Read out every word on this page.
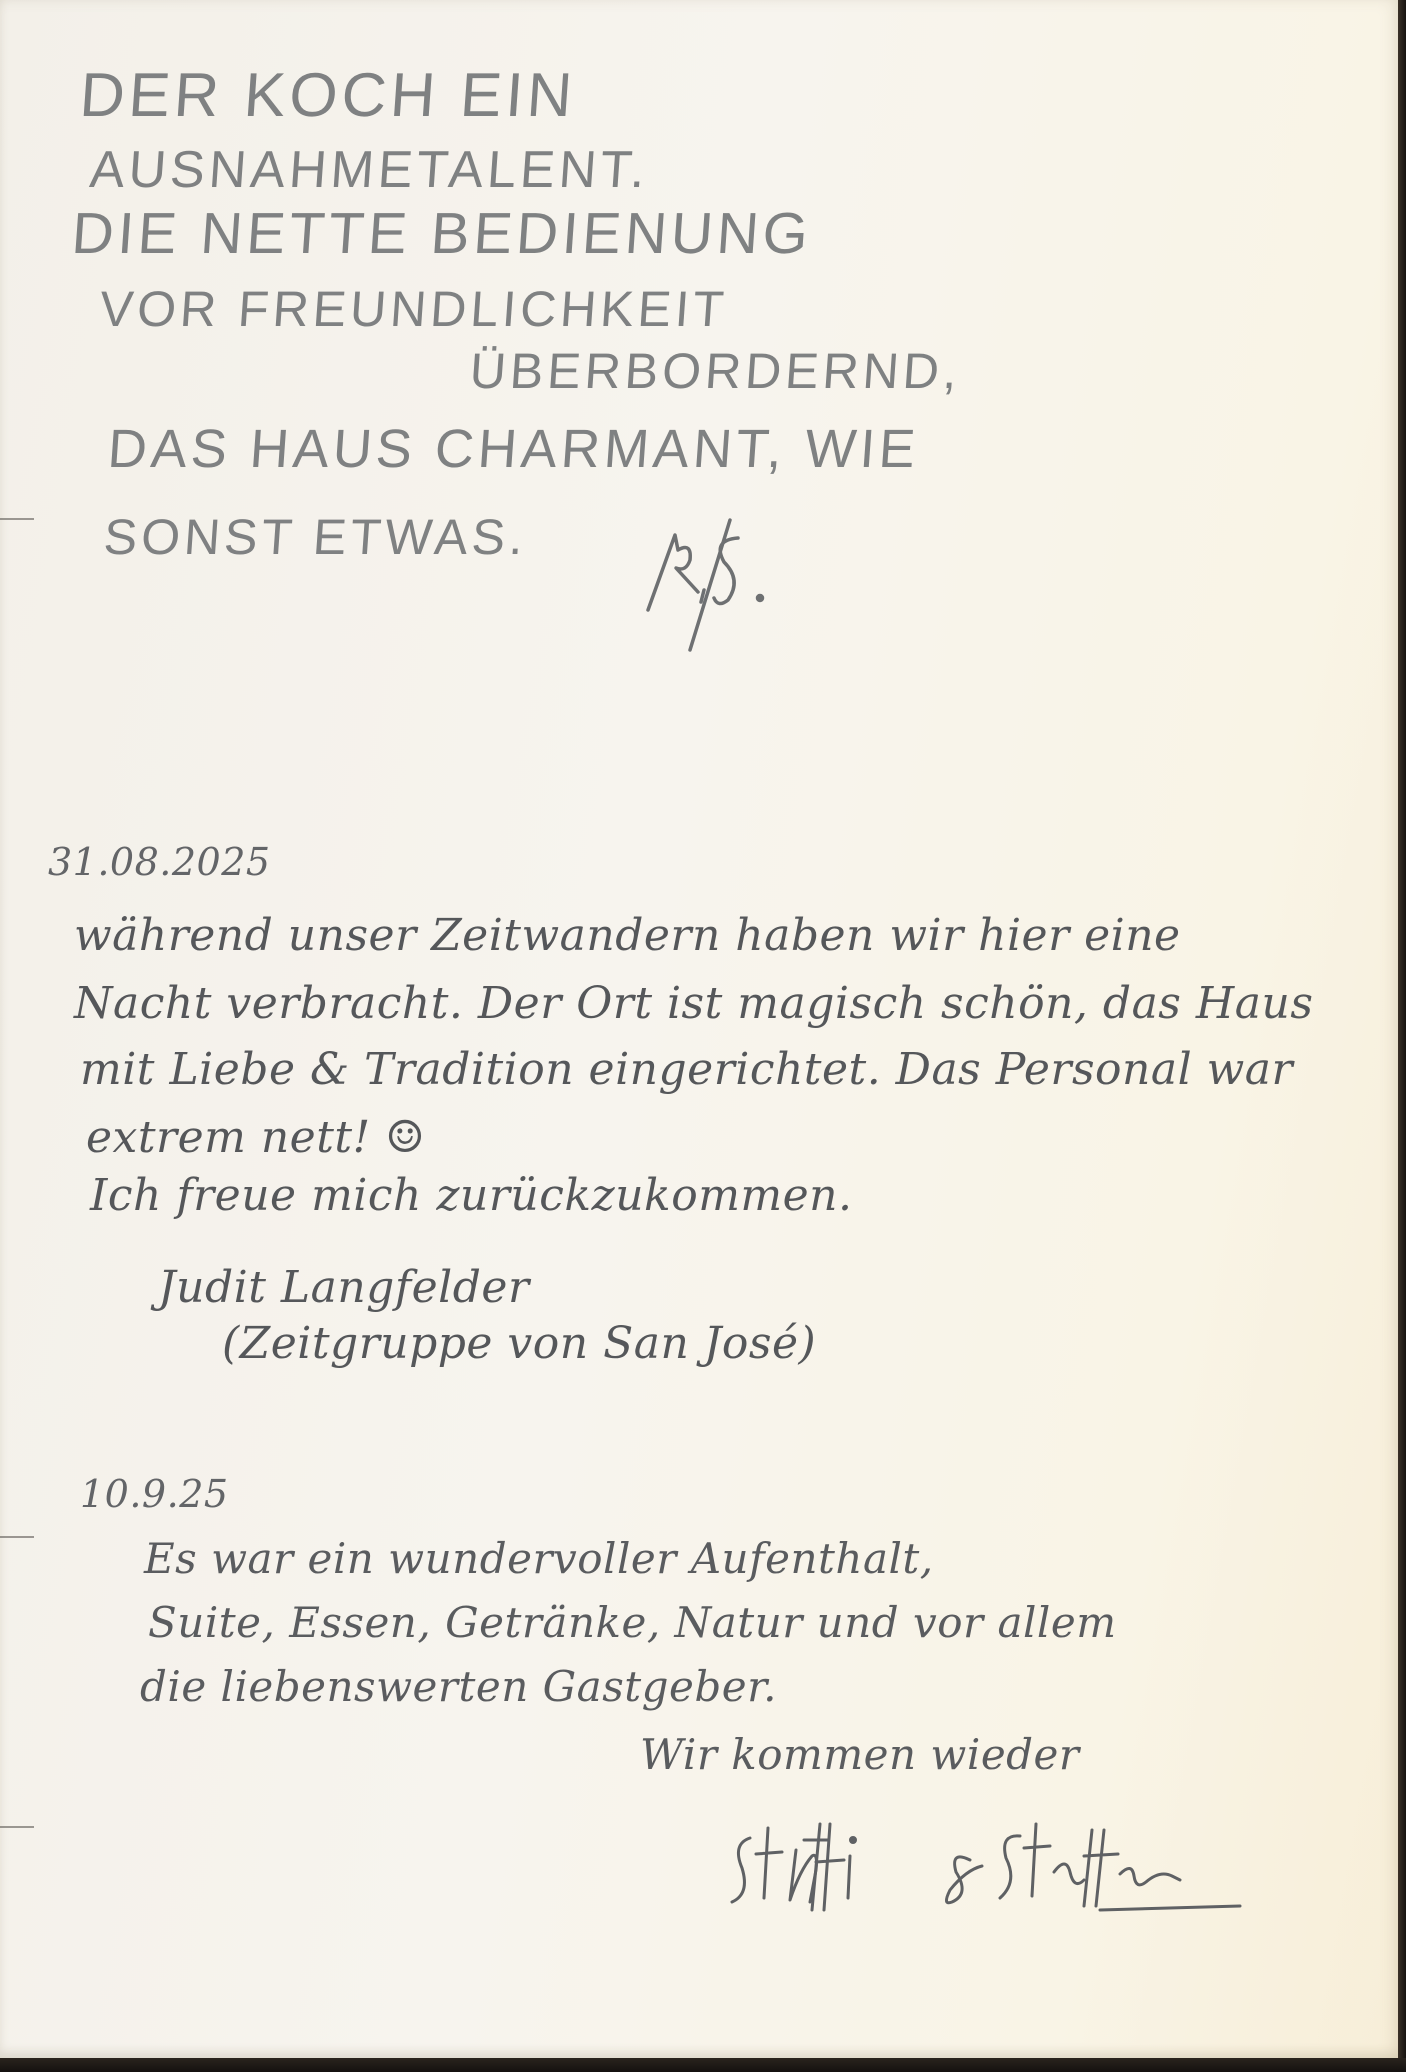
DER KOCH EIN
AUSNAHMETALENT.
DIE NETTE BEDIENUNG
VOR FREUNDLICHKEIT
ÜBERBORDERND,
DAS HAUS CHARMANT, WIE
SONST ETWAS.
31.08.2025
während unser Zeitwandern haben wir hier eine
Nacht verbracht. Der Ort ist magisch schön, das Haus
mit Liebe & Tradition eingerichtet. Das Personal war
extrem nett! ☺
Ich freue mich zurückzukommen.
Judit Langfelder
(Zeitgruppe von San José)
10.9.25
Es war ein wundervoller Aufenthalt,
Suite, Essen, Getränke, Natur und vor allem
die liebenswerten Gastgeber.
Wir kommen wieder
